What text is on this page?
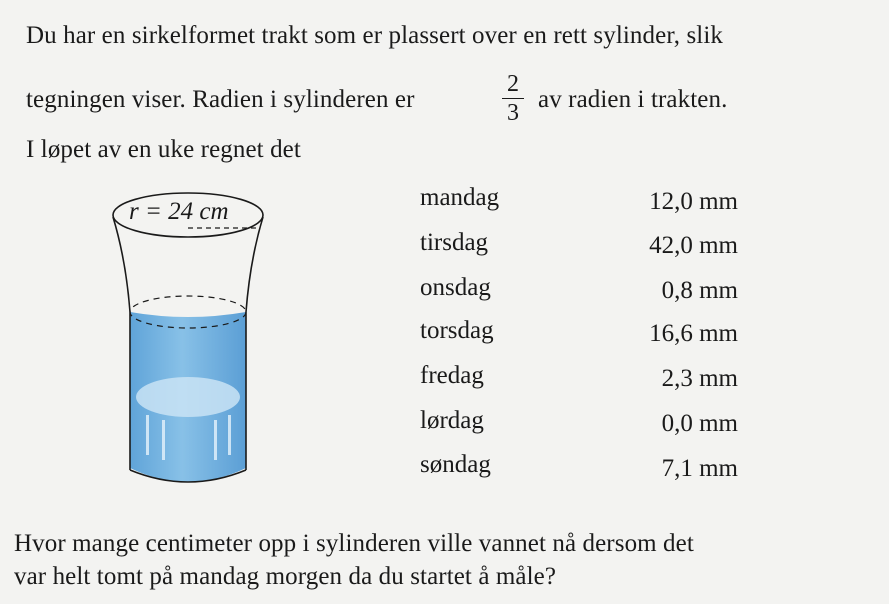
Du har en sirkelformet trakt som er plassert over en rett sylinder, slik
tegningen viser. Radien i sylinderen er
2
3 av radien i trakten.
I løpet av en uke regnet det
r = 24 cm
mandag	12,0 mm
tirsdag	42,0 mm
onsdag	0,8 mm
torsdag	16,6 mm
fredag	2,3 mm
lørdag	0,0 mm
søndag	7,1 mm
Hvor mange centimeter opp i sylinderen ville vannet nå dersom det
var helt tomt på mandag morgen da du startet å måle?
